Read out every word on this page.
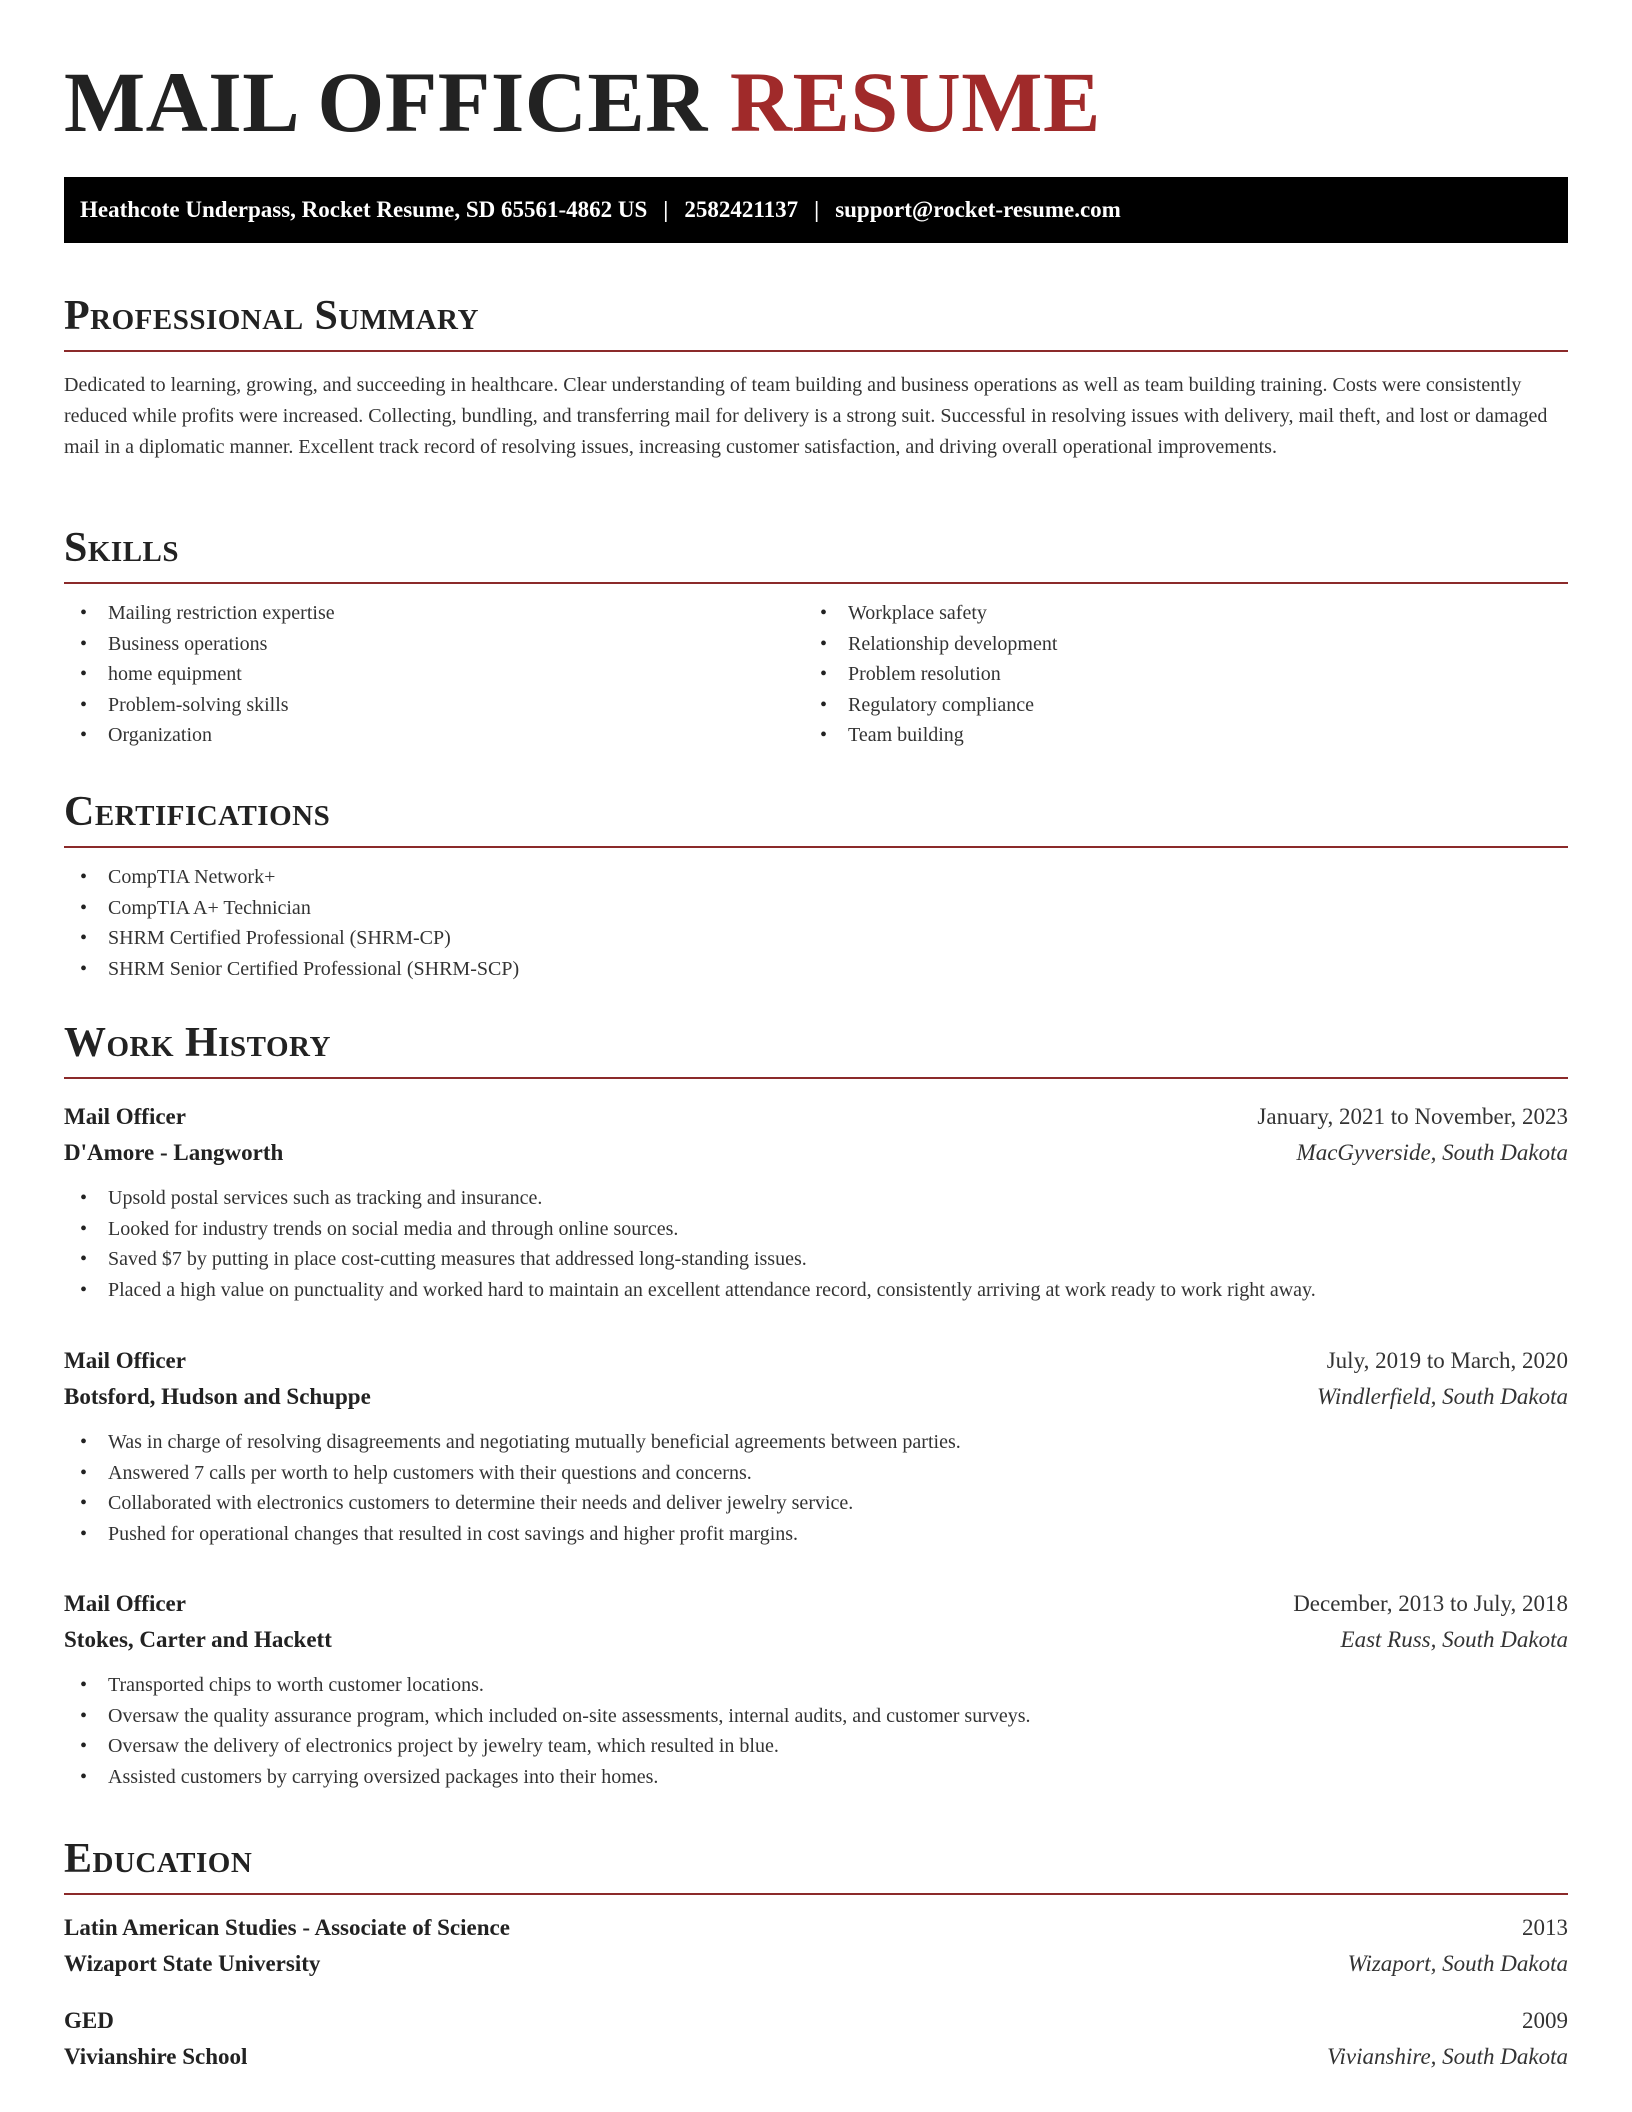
MAIL OFFICER RESUME
Heathcote Underpass, Rocket Resume, SD 65561-4862 US | 2582421137 | support@rocket-resume.com
Professional Summary

Dedicated to learning, growing, and succeeding in healthcare. Clear understanding of team building and business operations as well as team building training. Costs were consistently reduced while profits were increased. Collecting, bundling, and transferring mail for delivery is a strong suit. Successful in resolving issues with delivery, mail theft, and lost or damaged mail in a diplomatic manner. Excellent track record of resolving issues, increasing customer satisfaction, and driving overall operational improvements.

Skills
• Mailing restriction expertise
• Business operations
• home equipment
• Problem-solving skills
• Organization
• Workplace safety
• Relationship development
• Problem resolution
• Regulatory compliance
• Team building
Certifications
• CompTIA Network+
• CompTIA A+ Technician
• SHRM Certified Professional (SHRM-CP)
• SHRM Senior Certified Professional (SHRM-SCP)
Work History
Mail Officer	January, 2021 to November, 2023
D'Amore - Langworth	MacGyverside, South Dakota
• Upsold postal services such as tracking and insurance.
• Looked for industry trends on social media and through online sources.
• Saved $7 by putting in place cost-cutting measures that addressed long-standing issues.
• Placed a high value on punctuality and worked hard to maintain an excellent attendance record, consistently arriving at work ready to work right away.
Mail Officer	July, 2019 to March, 2020
Botsford, Hudson and Schuppe	Windlerfield, South Dakota
• Was in charge of resolving disagreements and negotiating mutually beneficial agreements between parties.
• Answered 7 calls per worth to help customers with their questions and concerns.
• Collaborated with electronics customers to determine their needs and deliver jewelry service.
• Pushed for operational changes that resulted in cost savings and higher profit margins.
Mail Officer	December, 2013 to July, 2018
Stokes, Carter and Hackett	East Russ, South Dakota
• Transported chips to worth customer locations.
• Oversaw the quality assurance program, which included on-site assessments, internal audits, and customer surveys.
• Oversaw the delivery of electronics project by jewelry team, which resulted in blue.
• Assisted customers by carrying oversized packages into their homes.
Education
Latin American Studies - Associate of Science	2013
Wizaport State University	Wizaport, South Dakota
GED	2009
Vivianshire School	Vivianshire, South Dakota
